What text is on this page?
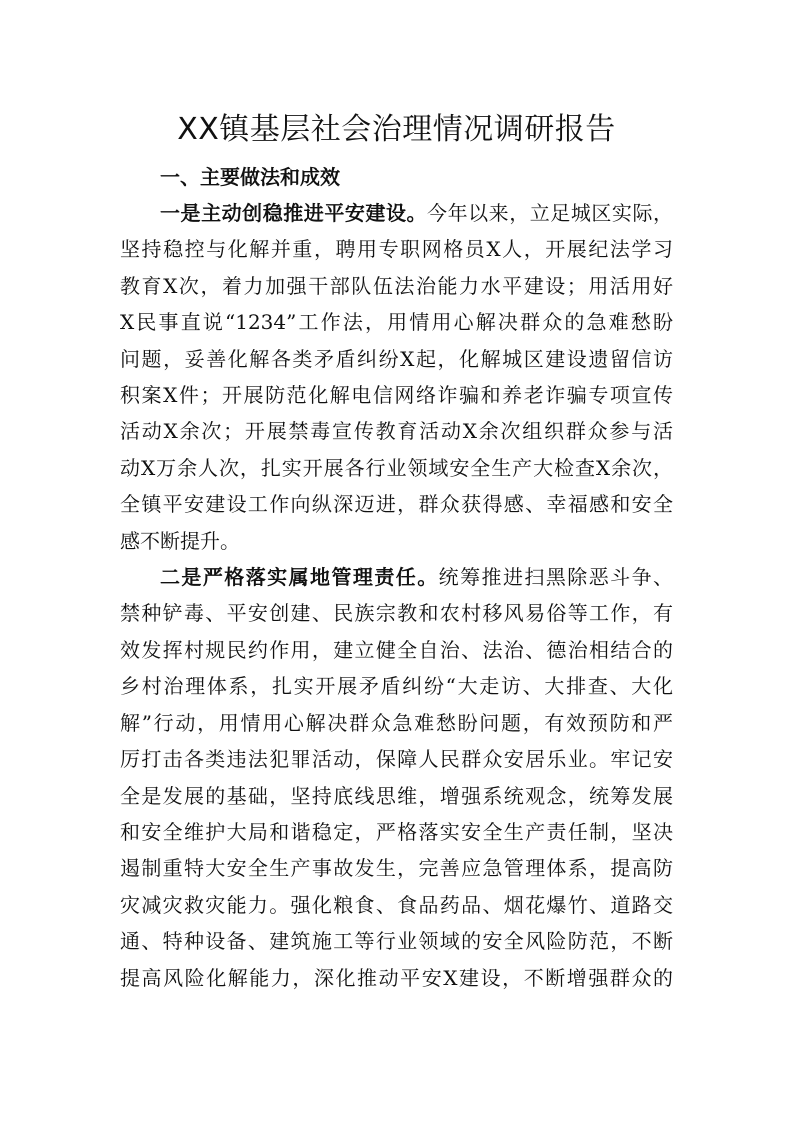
XX镇基层社会治理情况调研报告
一、主要做法和成效
一是主动创稳推进平安建设。今年以来，立足城区实际，
坚持稳控与化解并重，聘用专职网格员X人，开展纪法学习
教育X次，着力加强干部队伍法治能力水平建设；用活用好
X民事直说“1234”工作法，用情用心解决群众的急难愁盼
问题，妥善化解各类矛盾纠纷X起，化解城区建设遗留信访
积案X件；开展防范化解电信网络诈骗和养老诈骗专项宣传
活动X余次；开展禁毒宣传教育活动X余次组织群众参与活
动X万余人次，扎实开展各行业领域安全生产大检查X余次，
全镇平安建设工作向纵深迈进，群众获得感、幸福感和安全
感不断提升。
二是严格落实属地管理责任。统筹推进扫黑除恶斗争、
禁种铲毒、平安创建、民族宗教和农村移风易俗等工作，有
效发挥村规民约作用，建立健全自治、法治、德治相结合的
乡村治理体系，扎实开展矛盾纠纷“大走访、大排查、大化
解”行动，用情用心解决群众急难愁盼问题，有效预防和严
厉打击各类违法犯罪活动，保障人民群众安居乐业。牢记安
全是发展的基础，坚持底线思维，增强系统观念，统筹发展
和安全维护大局和谐稳定，严格落实安全生产责任制，坚决
遏制重特大安全生产事故发生，完善应急管理体系，提高防
灾减灾救灾能力。强化粮食、食品药品、烟花爆竹、道路交
通、特种设备、建筑施工等行业领域的安全风险防范，不断
提高风险化解能力，深化推动平安X建设，不断增强群众的
